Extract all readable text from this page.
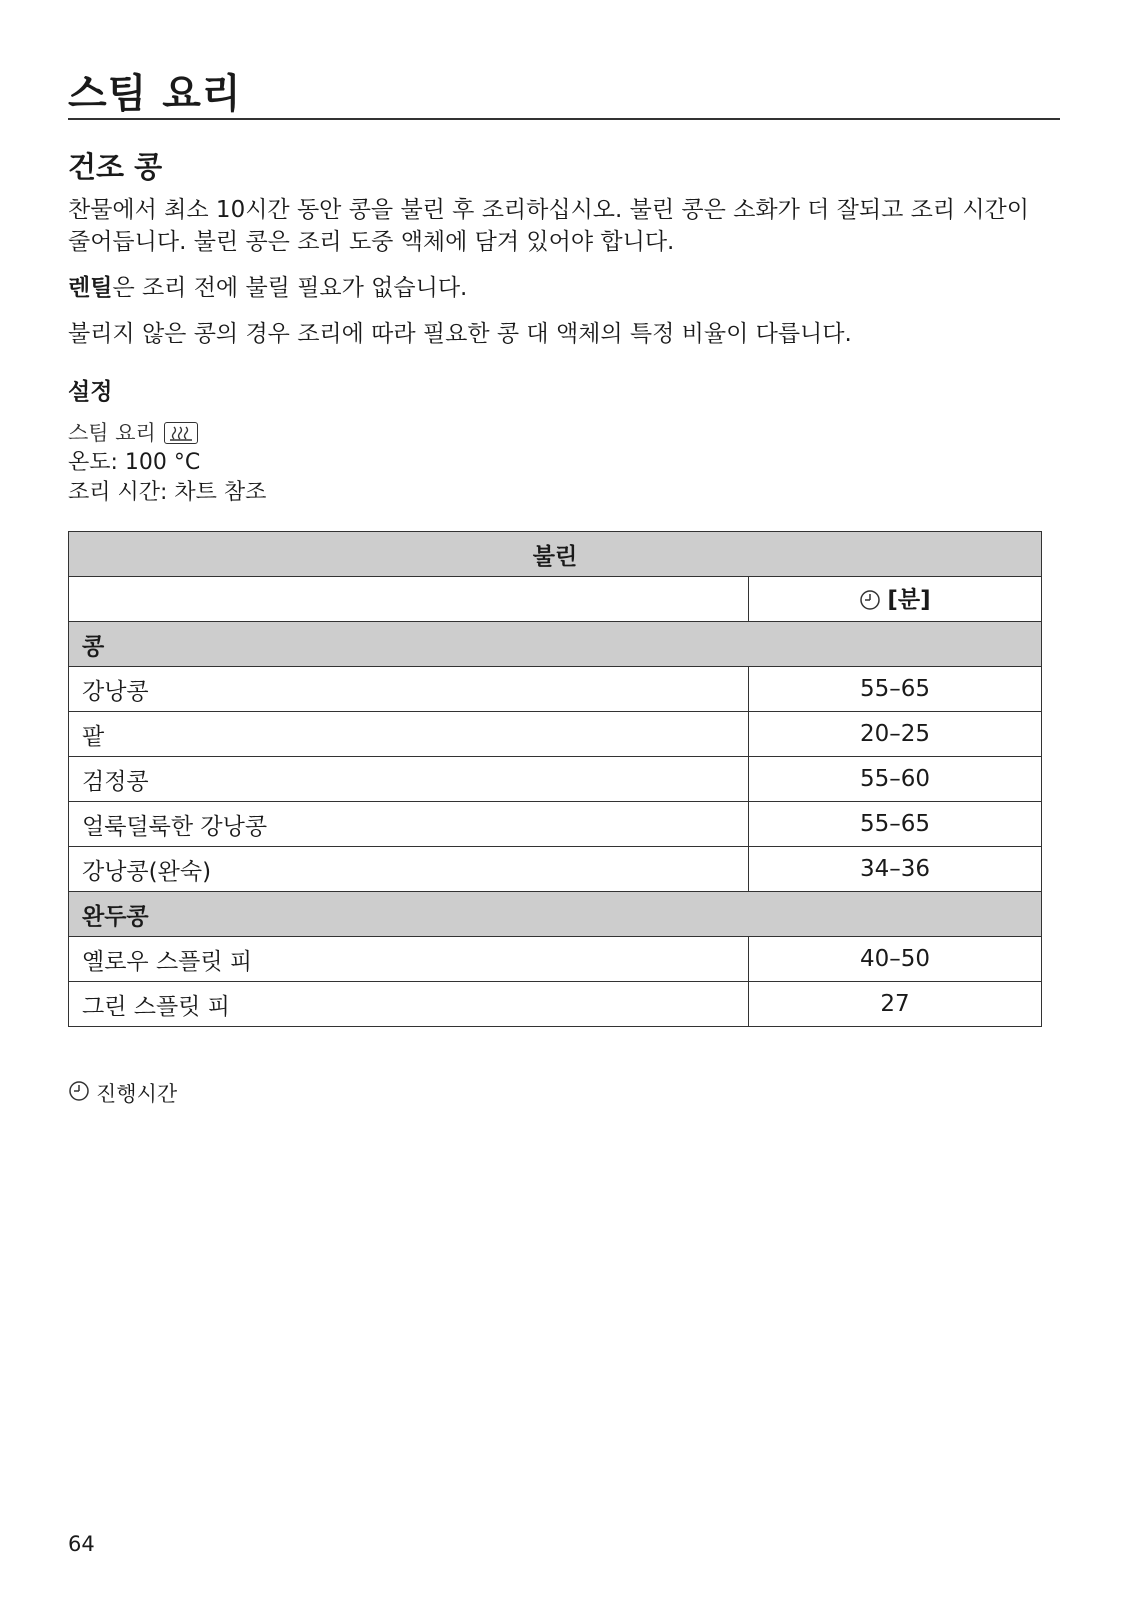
스팀 요리
건조 콩

찬물에서 최소 10시간 동안 콩을 불린 후 조리하십시오. 불린 콩은 소화가 더 잘되고 조리 시간이 줄어듭니다. 불린 콩은 조리 도중 액체에 담겨 있어야 합니다.

렌틸은 조리 전에 불릴 필요가 없습니다.

불리지 않은 콩의 경우 조리에 따라 필요한 콩 대 액체의 특정 비율이 다릅니다.

설정
스팀 요리
온도: 100 °C
조리 시간: 차트 참조
불린	
	[분]
콩	
강낭콩	55–65
팥	20–25
검정콩	55–60
얼룩덜룩한 강낭콩	55–65
강낭콩(완숙)	34–36
완두콩	
옐로우 스플릿 피	40–50
그린 스플릿 피	27
진행시간
64
